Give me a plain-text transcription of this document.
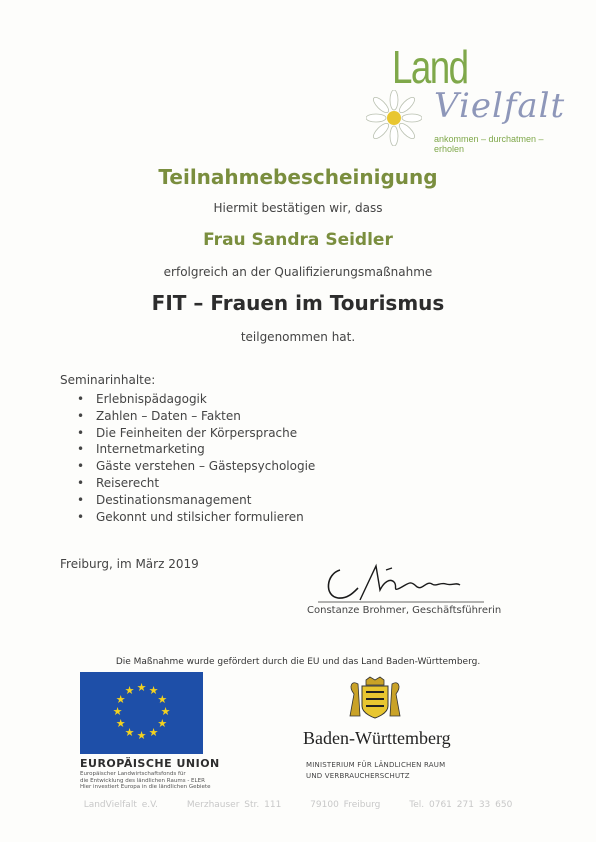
Land
Vielfalt
ankommen – durchatmen – erholen
Teilnahmebescheinigung
Hiermit bestätigen wir, dass
Frau Sandra Seidler
erfolgreich an der Qualifizierungsmaßnahme
FIT – Frauen im Tourismus
teilgenommen hat.
Seminarinhalte:
• Erlebnispädagogik
• Zahlen – Daten – Fakten
• Die Feinheiten der Körpersprache
• Internetmarketing
• Gäste verstehen – Gästepsychologie
• Reiserecht
• Destinationsmanagement
• Gekonnt und stilsicher formulieren
Freiburg, im März 2019
Constanze Brohmer, Geschäftsführerin
Die Maßnahme wurde gefördert durch die EU und das Land Baden-Württemberg.
★ ★
★
★
★
★
★
★
★
★
★
★
EUROPÄISCHE UNION
Europäischer Landwirtschaftsfonds für
die Entwicklung des ländlichen Raums - ELER
Hier investiert Europa in die ländlichen Gebiete
Baden-Württemberg
MINISTERIUM FÜR LÄNDLICHEN RAUM
UND VERBRAUCHERSCHUTZ
LandVielfalt e.V.	Merzhauser Str. 111	79100 Freiburg	Tel. 0761 271 33 650
